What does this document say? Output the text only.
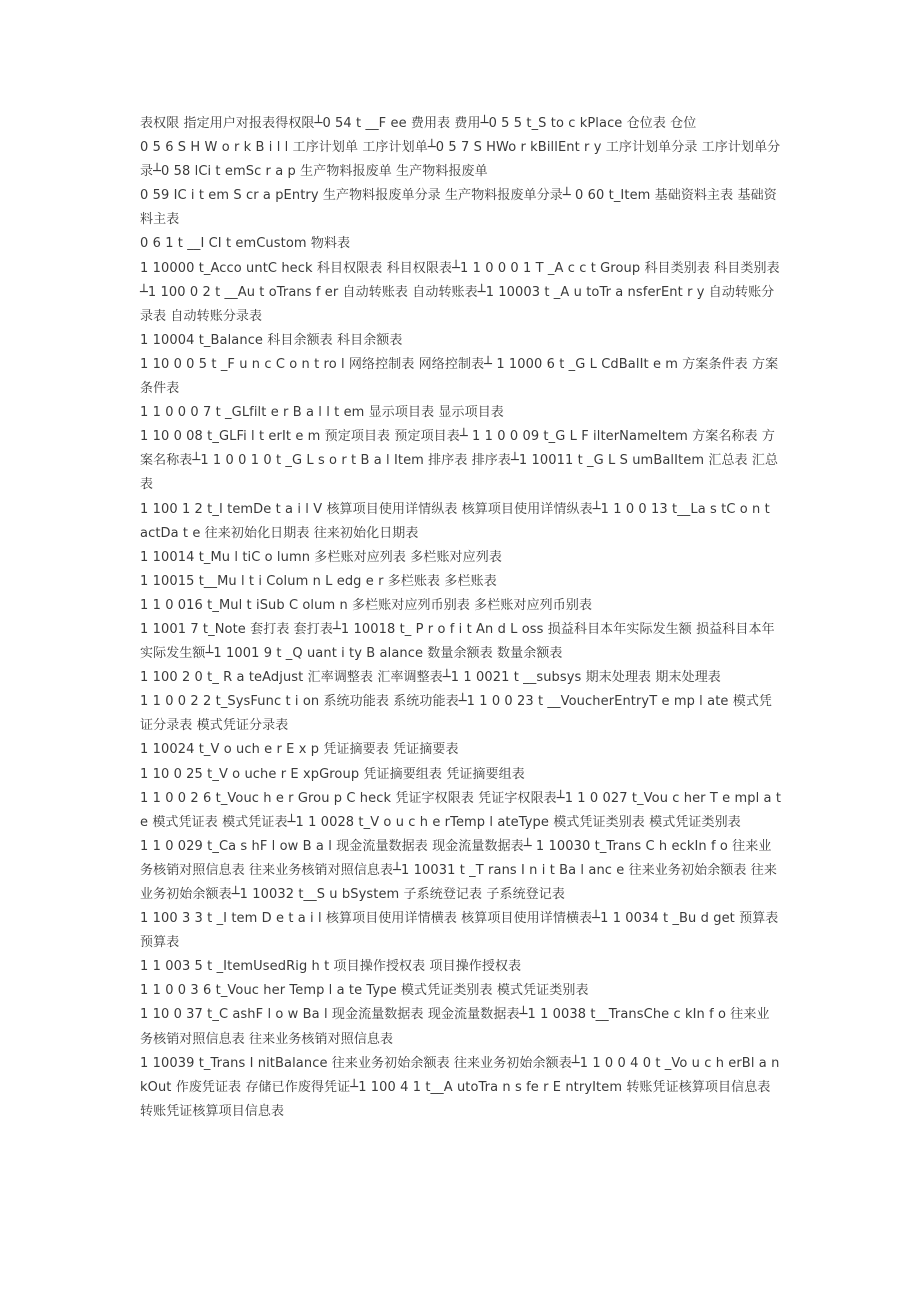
表权限 指定用户对报表得权限┴0 54 t __F ee 费用表 费用┴0 5 5 t_S to c kPlace 仓位表 仓位

0 5 6 S H W o r k B i l l 工序计划单 工序计划单┴0 5 7 S HWo r kBillEnt r y 工序计划单分录 工序计划单分录┴0 58 lCi t emSc r a p 生产物料报废单 生产物料报废单

0 59 IC i t em S cr a pEntry 生产物料报废单分录 生产物料报废单分录┴ 0 60 t_Item 基础资料主表 基础资料主表

0 6 1 t __I CI t emCustom 物料表

1 10000 t_Acco untC heck 科目权限表 科目权限表┴1 1 0 0 0 1 T _A c c t Group 科目类别表 科目类别表┴1 100 0 2 t __Au t oTrans f er 自动转账表 自动转账表┴1 10003 t _A u toTr a nsferEnt r y 自动转账分录表 自动转账分录表

1 10004 t_Balance 科目余额表 科目余额表

1 10 0 0 5 t _F u n c C o n t ro l 网络控制表 网络控制表┴ 1 1000 6 t _G L CdBalIt e m 方案条件表 方案条件表

1 1 0 0 0 7 t _GLfilt e r B a l l t em 显示项目表 显示项目表

1 10 0 08 t_GLFi l t erIt e m 预定项目表 预定项目表┴ 1 1 0 0 09 t_G L F ilterNameItem 方案名称表 方案名称表┴1 1 0 0 1 0 t _G L s o r t B a l Item 排序表 排序表┴1 10011 t _G L S umBalItem 汇总表 汇总表

1 100 1 2 t_I temDe t a i l V 核算项目使用详情纵表 核算项目使用详情纵表┴1 1 0 0 13 t__La s tC o n t actDa t e 往来初始化日期表 往来初始化日期表

1 10014 t_Mu l tiC o lumn 多栏账对应列表 多栏账对应列表

1 10015 t__Mu l t i Colum n L edg e r 多栏账表 多栏账表

1 1 0 016 t_Mul t iSub C olum n 多栏账对应列币别表 多栏账对应列币别表

1 1001 7 t_Note 套打表 套打表┴1 10018 t_ P r o f i t An d L oss 损益科目本年实际发生额 损益科目本年实际发生额┴1 1001 9 t _Q uant i ty B alance 数量余额表 数量余额表

1 100 2 0 t_ R a teAdjust 汇率调整表 汇率调整表┴1 1 0021 t __subsys 期末处理表 期末处理表

1 1 0 0 2 2 t_SysFunc t i on 系统功能表 系统功能表┴1 1 0 0 23 t __VoucherEntryT e mp l ate 模式凭证分录表 模式凭证分录表

1 10024 t_V o uch e r E x p 凭证摘要表 凭证摘要表

1 10 0 25 t_V o uche r E xpGroup 凭证摘要组表 凭证摘要组表

1 1 0 0 2 6 t_Vouc h e r Grou p C heck 凭证字权限表 凭证字权限表┴1 1 0 027 t_Vou c her T e mpl a t e 模式凭证表 模式凭证表┴1 1 0028 t_V o u c h e rTemp l ateType 模式凭证类别表 模式凭证类别表

1 1 0 029 t_Ca s hF l ow B a l 现金流量数据表 现金流量数据表┴ 1 10030 t_Trans C h eckIn f o 往来业务核销对照信息表 往来业务核销对照信息表┴1 10031 t _T rans I n i t Ba l anc e 往来业务初始余额表 往来业务初始余额表┴1 10032 t__S u bSystem 子系统登记表 子系统登记表

1 100 3 3 t _I tem D e t a i l 核算项目使用详情横表 核算项目使用详情横表┴1 1 0034 t _Bu d get 预算表 预算表

1 1 003 5 t _ItemUsedRig h t 项目操作授权表 项目操作授权表

1 1 0 0 3 6 t_Vouc her Temp l a te Type 模式凭证类别表 模式凭证类别表

1 10 0 37 t_C ashF l o w Ba l 现金流量数据表 现金流量数据表┴1 1 0038 t__TransChe c kIn f o 往来业务核销对照信息表 往来业务核销对照信息表

1 10039 t_Trans I nitBalance 往来业务初始余额表 往来业务初始余额表┴1 1 0 0 4 0 t _Vo u c h erBl a nkOut 作废凭证表 存储已作废得凭证┴1 100 4 1 t__A utoTra n s fe r E ntryItem 转账凭证核算项目信息表 转账凭证核算项目信息表
